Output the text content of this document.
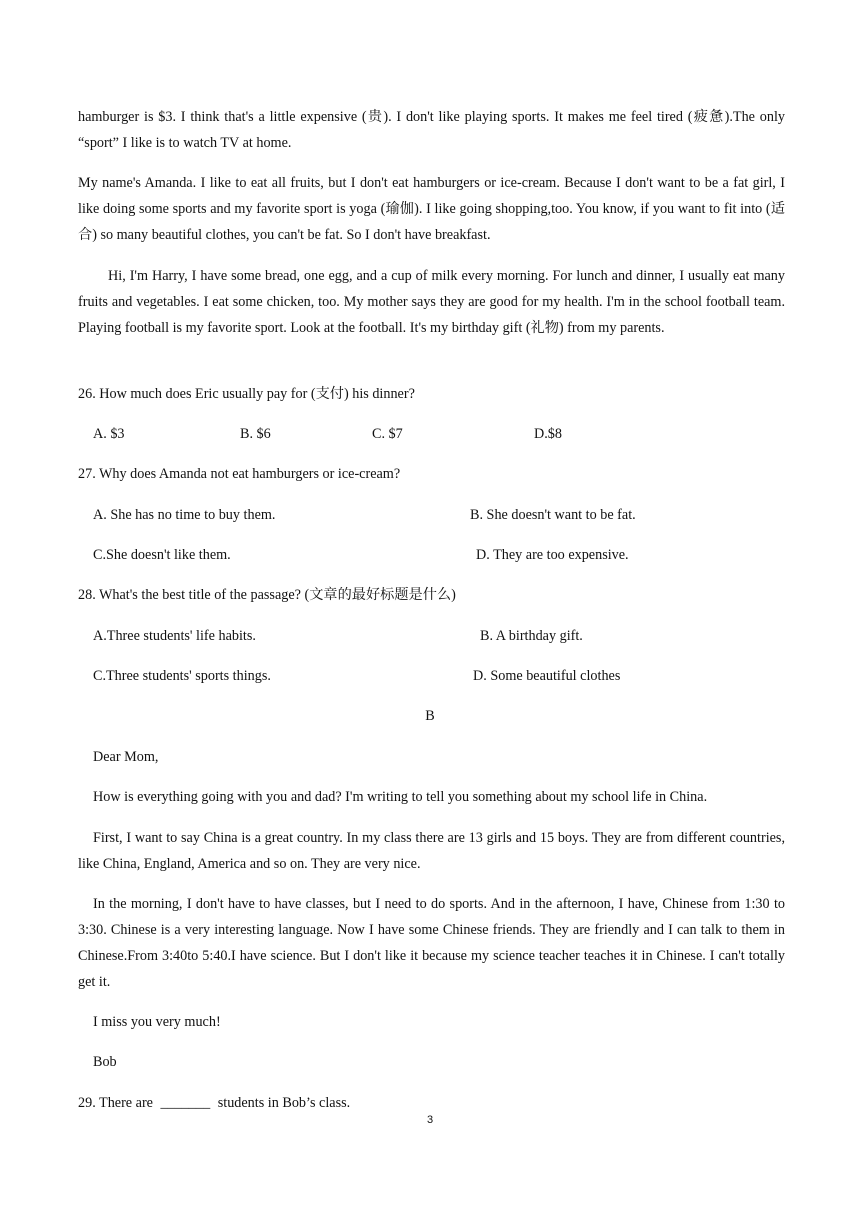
hamburger is $3. I think that's a little expensive (贵). I don't like playing sports. It makes me feel tired (疲惫).The only “sport” I like is to watch TV at home.

My name's Amanda. I like to eat all fruits, but I don't eat hamburgers or ice-cream. Because I don't want to be a fat girl, I like doing some sports and my favorite sport is yoga (瑜伽). I like going shopping,too. You know, if you want to fit into (适合) so many beautiful clothes, you can't be fat. So I don't have breakfast.

Hi, I'm Harry, I have some bread, one egg, and a cup of milk every morning. For lunch and dinner, I usually eat many fruits and vegetables. I eat some chicken, too. My mother says they are good for my health. I'm in the school football team. Playing football is my favorite sport. Look at the football. It's my birthday gift (礼物) from my parents.

26. How much does Eric usually pay for (支付) his dinner?

A. $3	B. $6	C. $7	D.$8

27. Why does Amanda not eat hamburgers or ice-cream?

A. She has no time to buy them.	B. She doesn't want to be fat.

C.She doesn't like them.	D. They are too expensive.

28. What's the best title of the passage? (文章的最好标题是什么)

A.Three students' life habits.	B. A birthday gift.

C.Three students' sports things.	D. Some beautiful clothes

B

Dear Mom,

How is everything going with you and dad? I'm writing to tell you something about my school life in China.

First, I want to say China is a great country. In my class there are 13 girls and 15 boys. They are from different countries, like China, England, America and so on. They are very nice.

In the morning, I don't have to have classes, but I need to do sports. And in the afternoon, I have, Chinese from 1:30 to 3:30. Chinese is a very interesting language. Now I have some Chinese friends. They are friendly and I can talk to them in Chinese.From 3:40to 5:40.I have science. But I don't like it because my science teacher teaches it in Chinese. I can't totally get it.

I miss you very much!

Bob

29. There are _______ students in Bob’s class.

3
